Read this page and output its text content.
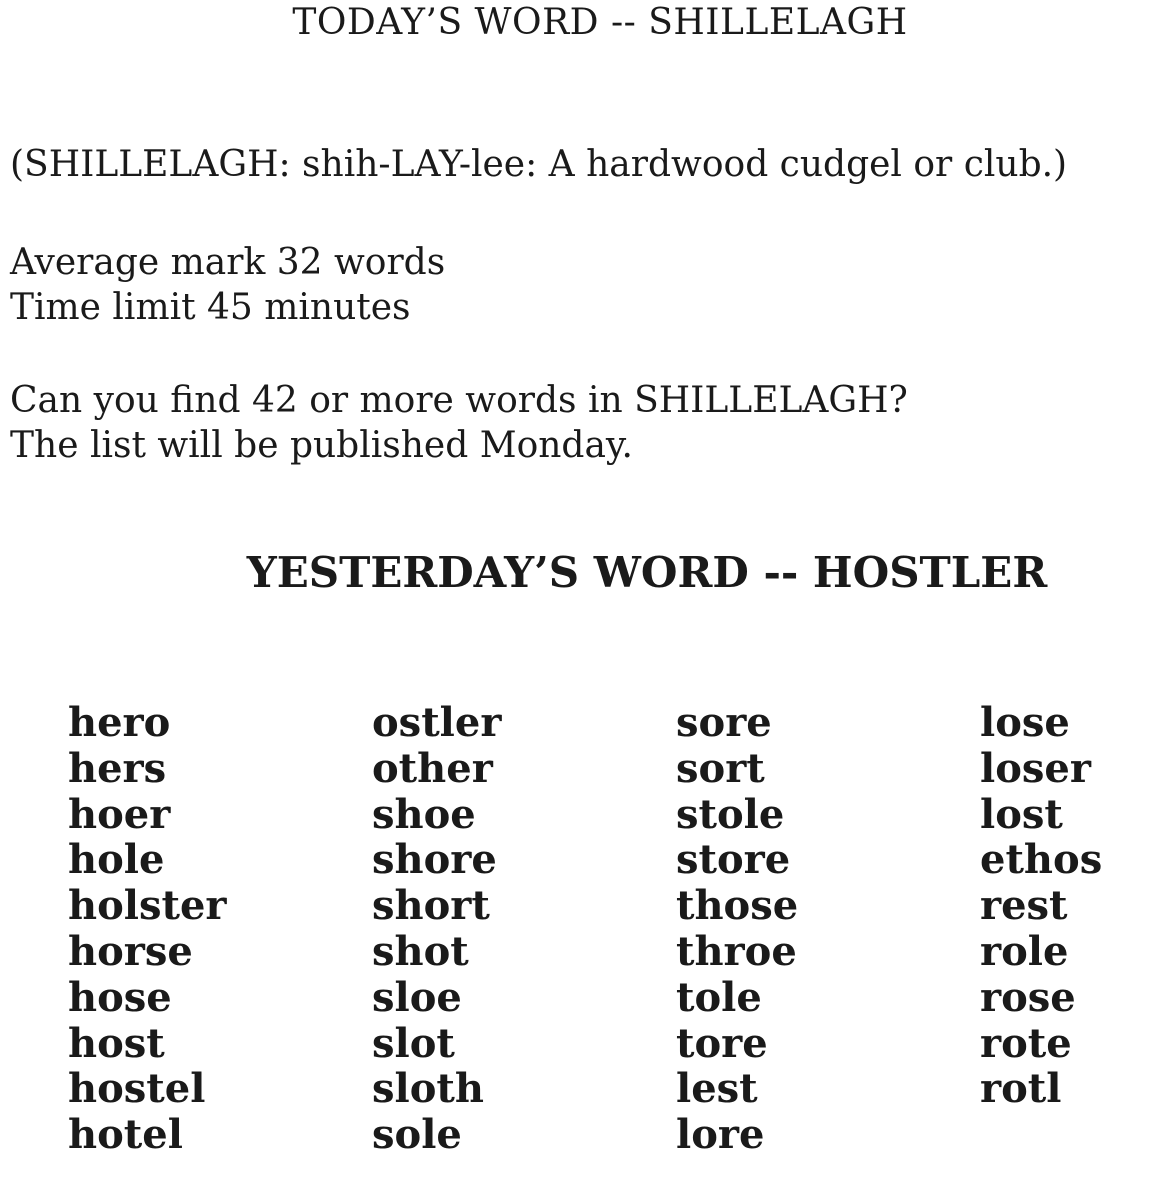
TODAY’S WORD -- SHILLELAGH

(SHILLELAGH: shih-LAY-lee: A hardwood cudgel or club.)

Average mark 32 words
Time limit 45 minutes
Can you find 42 or more words in SHILLELAGH?
The list will be published Monday.
YESTERDAY’S WORD -- HOSTLER
hero
hers
hoer
hole
holster
horse
hose
host
hostel
hotel
ostler
other
shoe
shore
short
shot
sloe
slot
sloth
sole
sore
sort
stole
store
those
throe
tole
tore
lest
lore
lose
loser
lost
ethos
rest
role
rose
rote
rotl
